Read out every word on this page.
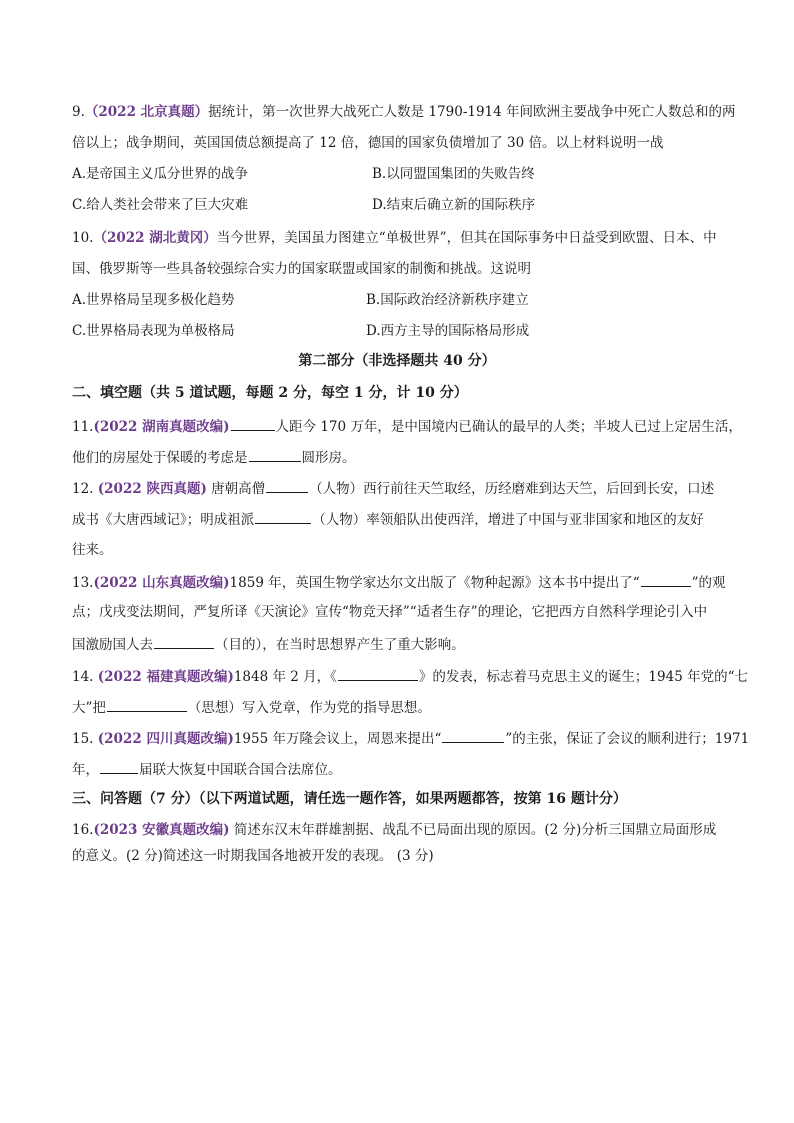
9.（2022 北京真题）据统计，第一次世界大战死亡人数是 1790-1914 年间欧洲主要战争中死亡人数总和的两
倍以上；战争期间，英国国债总额提高了 12 倍，德国的国家负债增加了 30 倍。以上材料说明一战
A.是帝国主义瓜分世界的战争	B.以同盟国集团的失败告终
C.给人类社会带来了巨大灾难	D.结束后确立新的国际秩序
10.（2022 湖北黄冈）当今世界，美国虽力图建立“单极世界”，但其在国际事务中日益受到欧盟、日本、中
国、俄罗斯等一些具备较强综合实力的国家联盟或国家的制衡和挑战。这说明
A.世界格局呈现多极化趋势	B.国际政治经济新秩序建立
C.世界格局表现为单极格局	D.西方主导的国际格局形成
第二部分（非选择题共 40 分）
二、填空题（共 5 道试题，每题 2 分，每空 1 分，计 10 分）
11.(2022 湖南真题改编)	人距今 170 万年，是中国境内已确认的最早的人类；半坡人已过上定居生活，
他们的房屋处于保暖的考虑是	圆形房。
12. (2022 陕西真题) 唐朝高僧	（人物）西行前往天竺取经，历经磨难到达天竺，后回到长安，口述
成书《大唐西域记》；明成祖派	（人物）率领船队出使西洋，增进了中国与亚非国家和地区的友好
往来。
13.(2022 山东真题改编)1859 年，英国生物学家达尔文出版了《物种起源》这本书中提出了“	”的观
点；戊戌变法期间，严复所译《天演论》宣传“物竞天择”“适者生存”的理论，它把西方自然科学理论引入中
国激励国人去	（目的），在当时思想界产生了重大影响。
14. (2022 福建真题改编)1848 年 2 月，《	》的发表，标志着马克思主义的诞生；1945 年党的“七
大”把	（思想）写入党章，作为党的指导思想。
15. (2022 四川真题改编)1955 年万隆会议上，周恩来提出“	”的主张，保证了会议的顺利进行；1971
年，	届联大恢复中国联合国合法席位。
三、问答题（7 分）（以下两道试题，请任选一题作答，如果两题都答，按第 16 题计分）
16.(2023 安徽真题改编) 简述东汉末年群雄割据、战乱不已局面出现的原因。(2 分)分析三国鼎立局面形成
的意义。(2 分)简述这一时期我国各地被开发的表现。 (3 分)
